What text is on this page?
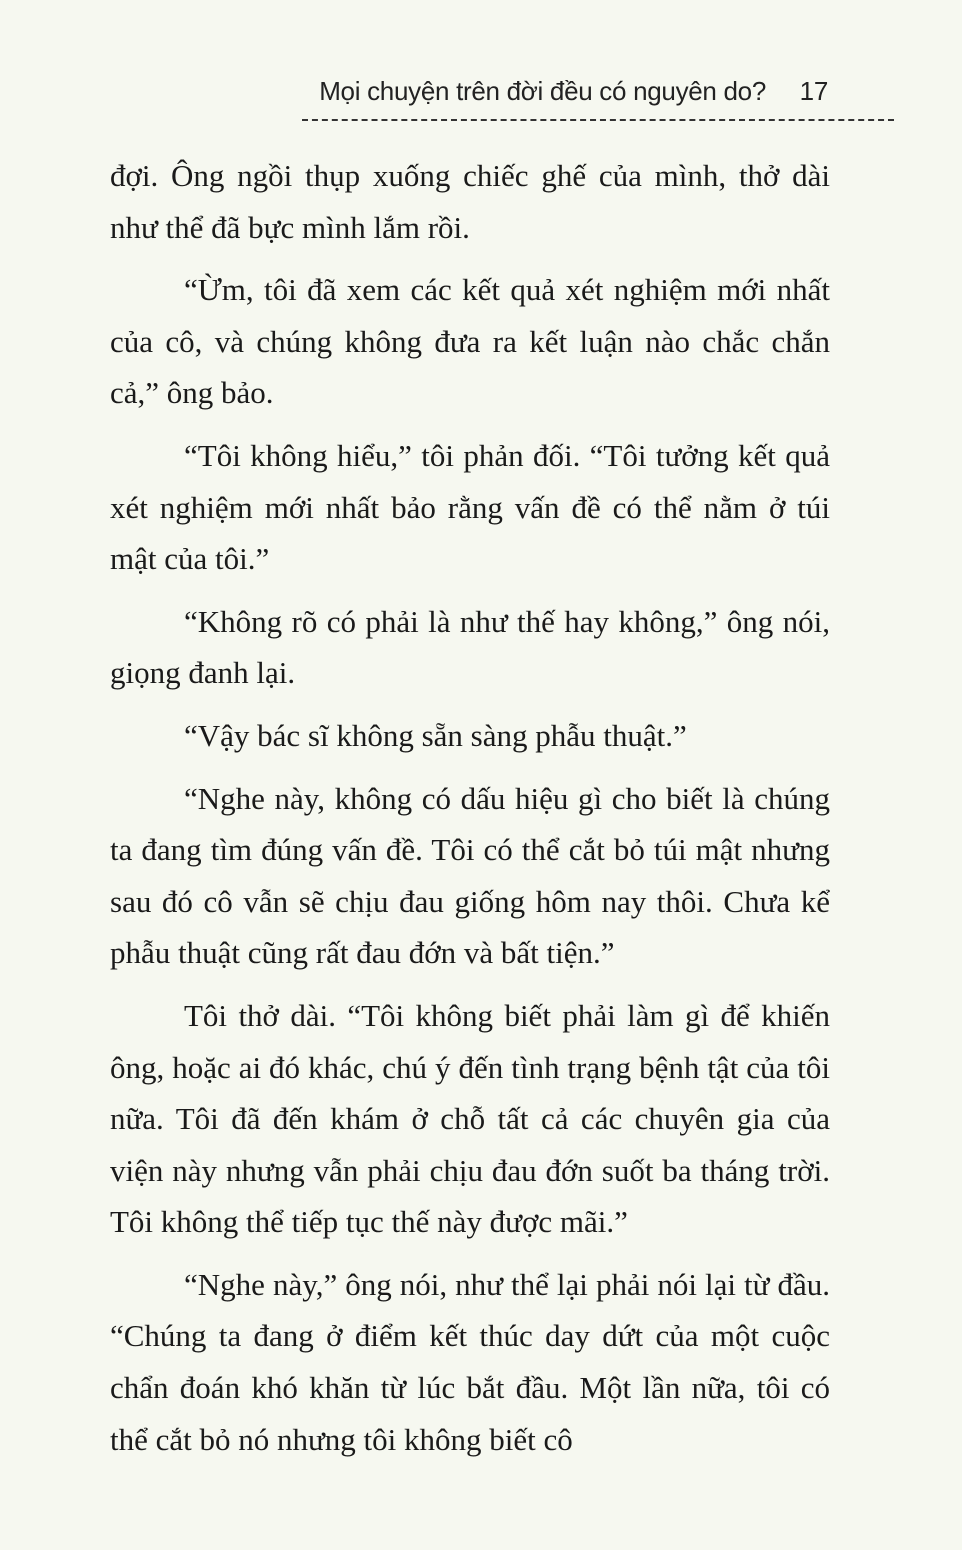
Mọi chuyện trên đời đều có nguyên do? 17

đợi. Ông ngồi thụp xuống chiếc ghế của mình, thở dài như thể đã bực mình lắm rồi.

“Ừm, tôi đã xem các kết quả xét nghiệm mới nhất của cô, và chúng không đưa ra kết luận nào chắc chắn cả,” ông bảo.

“Tôi không hiểu,” tôi phản đối. “Tôi tưởng kết quả xét nghiệm mới nhất bảo rằng vấn đề có thể nằm ở túi mật của tôi.”

“Không rõ có phải là như thế hay không,” ông nói, giọng đanh lại.

“Vậy bác sĩ không sẵn sàng phẫu thuật.”

“Nghe này, không có dấu hiệu gì cho biết là chúng ta đang tìm đúng vấn đề. Tôi có thể cắt bỏ túi mật nhưng sau đó cô vẫn sẽ chịu đau giống hôm nay thôi. Chưa kể phẫu thuật cũng rất đau đớn và bất tiện.”

Tôi thở dài. “Tôi không biết phải làm gì để khiến ông, hoặc ai đó khác, chú ý đến tình trạng bệnh tật của tôi nữa. Tôi đã đến khám ở chỗ tất cả các chuyên gia của viện này nhưng vẫn phải chịu đau đớn suốt ba tháng trời. Tôi không thể tiếp tục thế này được mãi.”

“Nghe này,” ông nói, như thể lại phải nói lại từ đầu. “Chúng ta đang ở điểm kết thúc day dứt của một cuộc chẩn đoán khó khăn từ lúc bắt đầu. Một lần nữa, tôi có thể cắt bỏ nó nhưng tôi không biết cô
